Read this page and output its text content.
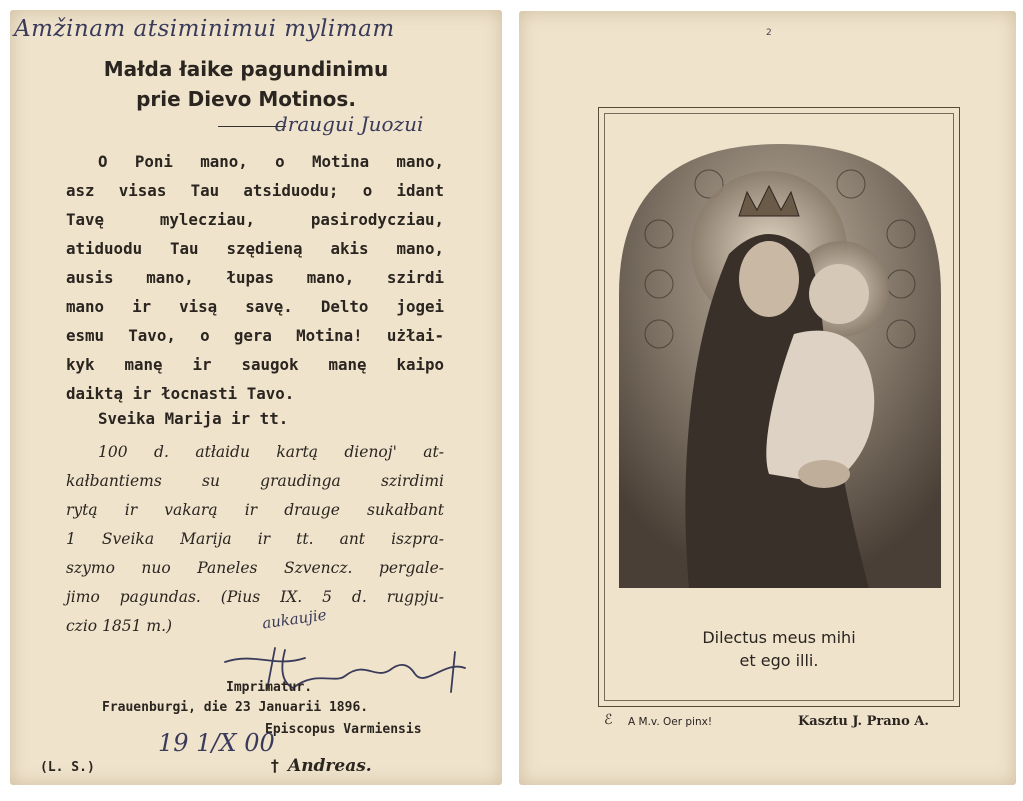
Amžinam atsiminimui mylimam
Małda łaike pagundinimu
prie Dievo Motinos.
draugui Juozui
O Poni mano, o Motina mano,
asz visas Tau atsiduodu; o idant
Tavę myleczіau, pasirodyczіau,
atiduodu Tau szędieną akis mano,
ausis mano, łupas mano, szirdi
mano ir visą savę. Delto jogei
esmu Tavo, o gera Motina! użłai-
kyk manę ir saugok manę kaipo
daiktą ir łocnasti Tavo.
Sveika Marija ir tt.
100 d. atłaidu kartą dienoj' at-
kałbantiems su graudinga szirdimi
rytą ir vakarą ir drauge sukałbant
1 Sveika Marija ir tt. ant iszpra-
szymo nuo Paneles Szvencz. pergale-
jimo pagundas. (Pius IX. 5 d. rugpju-
czio 1851 m.)	aukaujie
Imprimatur.
Frauenburgi, die 23 Januarii 1896.
Episcopus Varmiensis
19 1/X 00
(L. S.)	† Andreas.
2
Dilectus meus mihi
et ego illi.
ℰ A M.v. Oer pinx!	Kasztu J. Prano A.
